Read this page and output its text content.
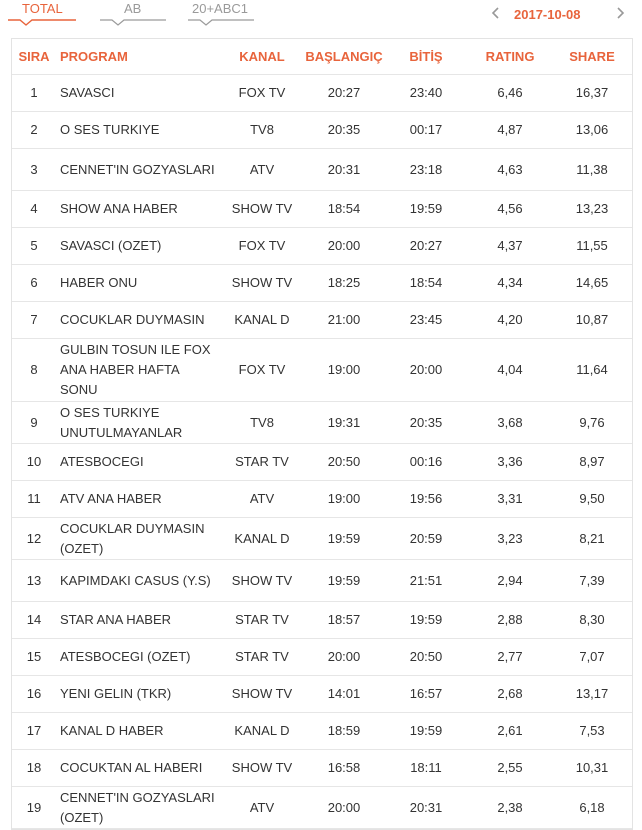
TOTAL	AB	20+ABC1	2017-10-08
SIRA	PROGRAM	KANAL	BAŞLANGIÇ	BİTİŞ	RATING	SHARE
1	SAVASCI	FOX TV	20:27	23:40	6,46	16,37
2	O SES TURKIYE	TV8	20:35	00:17	4,87	13,06
3	CENNET'IN GOZYASLARI	ATV	20:31	23:18	4,63	11,38
4	SHOW ANA HABER	SHOW TV	18:54	19:59	4,56	13,23
5	SAVASCI (OZET)	FOX TV	20:00	20:27	4,37	11,55
6	HABER ONU	SHOW TV	18:25	18:54	4,34	14,65
7	COCUKLAR DUYMASIN	KANAL D	21:00	23:45	4,20	10,87
8	GULBIN TOSUN ILE FOX ANA HABER HAFTA SONU	FOX TV	19:00	20:00	4,04	11,64
9	O SES TURKIYE UNUTULMAYANLAR	TV8	19:31	20:35	3,68	9,76
10	ATESBOCEGI	STAR TV	20:50	00:16	3,36	8,97
11	ATV ANA HABER	ATV	19:00	19:56	3,31	9,50
12	COCUKLAR DUYMASIN (OZET)	KANAL D	19:59	20:59	3,23	8,21
13	KAPIMDAKI CASUS (Y.S)	SHOW TV	19:59	21:51	2,94	7,39
14	STAR ANA HABER	STAR TV	18:57	19:59	2,88	8,30
15	ATESBOCEGI (OZET)	STAR TV	20:00	20:50	2,77	7,07
16	YENI GELIN (TKR)	SHOW TV	14:01	16:57	2,68	13,17
17	KANAL D HABER	KANAL D	18:59	19:59	2,61	7,53
18	COCUKTAN AL HABERI	SHOW TV	16:58	18:11	2,55	10,31
19	CENNET'IN GOZYASLARI (OZET)	ATV	20:00	20:31	2,38	6,18
